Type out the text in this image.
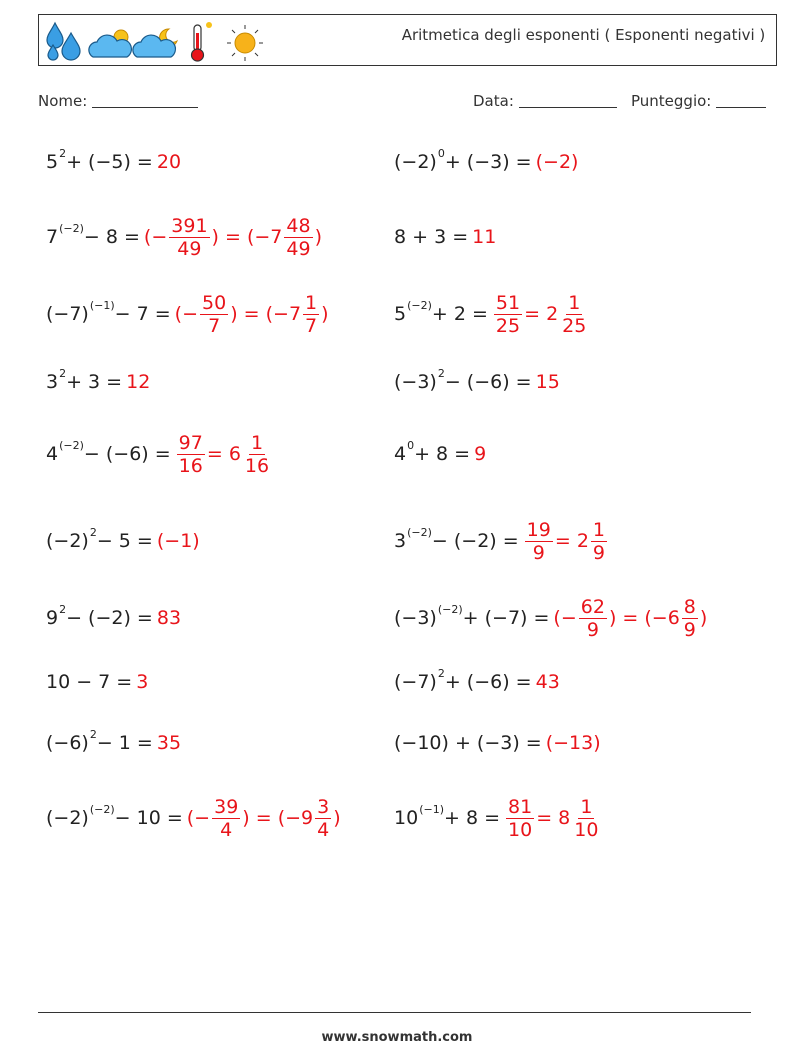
Aritmetica degli esponenti ( Esponenti negativi )
Nome:	Data:	Punteggio:
5 2 + (−5) = 20	(−2) 0 + (−3) = (−2)
7 (−2) − 8 = (− $\frac{391}{49}$ ) = ($-7 \frac{48}{49}$ )	8 + 3 = 11
(−7) (−1) − 7 = (− $\frac{50}{7}$ ) = ($-7 \frac{1}{7}$ )	5 $(-2) + 2 = \frac{51}{25} = 2 \frac{1}{25}$
3 2 + 3 = 12	(−3) 2 − (−6) = 15
4 $(-2) - (-6) = \frac{97}{16} = 6 \frac{1}{16}$	4 0 + 8 = 9
(−2) 2 − 5 = (−1)	3 $(-2) - (-2) = \frac{19}{9} = 2 \frac{1}{9}$
9 2 − (−2) = 83	(−3) (−2) + (−7) = (− $\frac{62}{9}$ ) = ($-6 \frac{8}{9}$ )
10 − 7 = 3	(−7) 2 + (−6) = 43
(−6) 2 − 1 = 35	(−10) + (−3) = (−13)
(−2) (−2) − 10 = (− $\frac{39}{4}$ ) = ($-9 \frac{3}{4}$ )	10 $(-1) + 8 = \frac{81}{10} = 8 \frac{1}{10}$
www.snowmath.com
